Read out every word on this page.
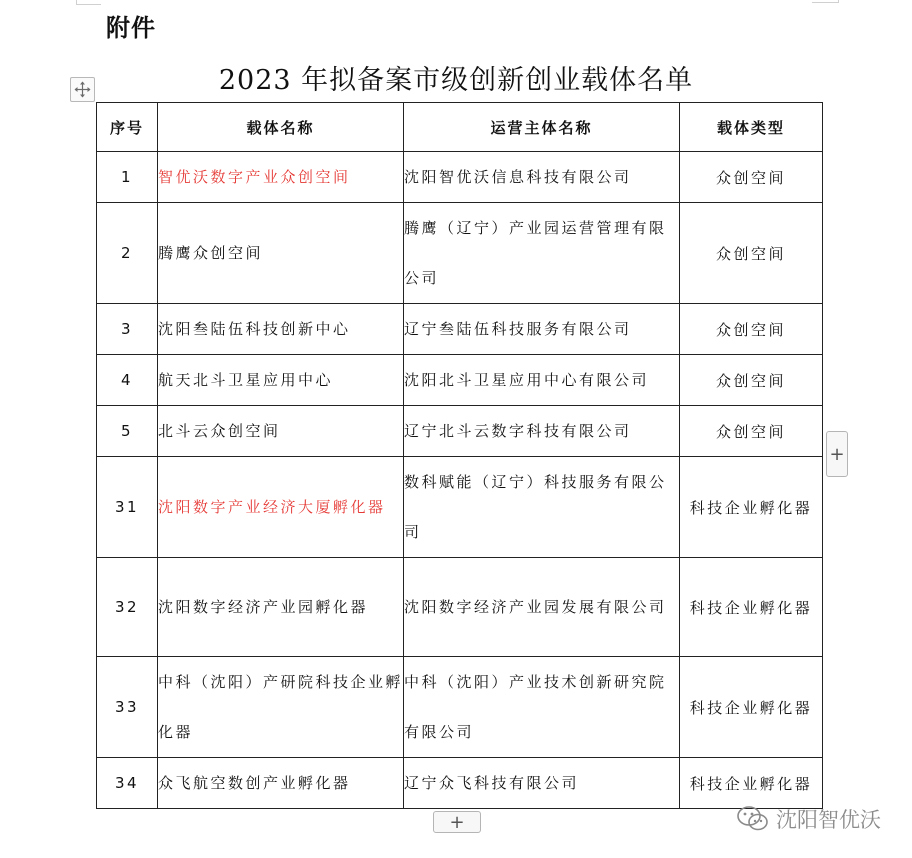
附件
2023 年拟备案市级创新创业载体名单
序号	载体名称	运营主体名称	载体类型
1	智优沃数字产业众创空间	沈阳智优沃信息科技有限公司	众创空间
2	腾鹰众创空间	腾鹰（辽宁）产业园运营管理有限公司	众创空间
3	沈阳叁陆伍科技创新中心	辽宁叁陆伍科技服务有限公司	众创空间
4	航天北斗卫星应用中心	沈阳北斗卫星应用中心有限公司	众创空间
5	北斗云众创空间	辽宁北斗云数字科技有限公司	众创空间
31	沈阳数字产业经济大厦孵化器	数科赋能（辽宁）科技服务有限公司	科技企业孵化器
32	沈阳数字经济产业园孵化器	沈阳数字经济产业园发展有限公司	科技企业孵化器
33	中科（沈阳）产研院科技企业孵化器	中科（沈阳）产业技术创新研究院有限公司	科技企业孵化器
34	众飞航空数创产业孵化器	辽宁众飞科技有限公司	科技企业孵化器
+
+	沈阳智优沃
